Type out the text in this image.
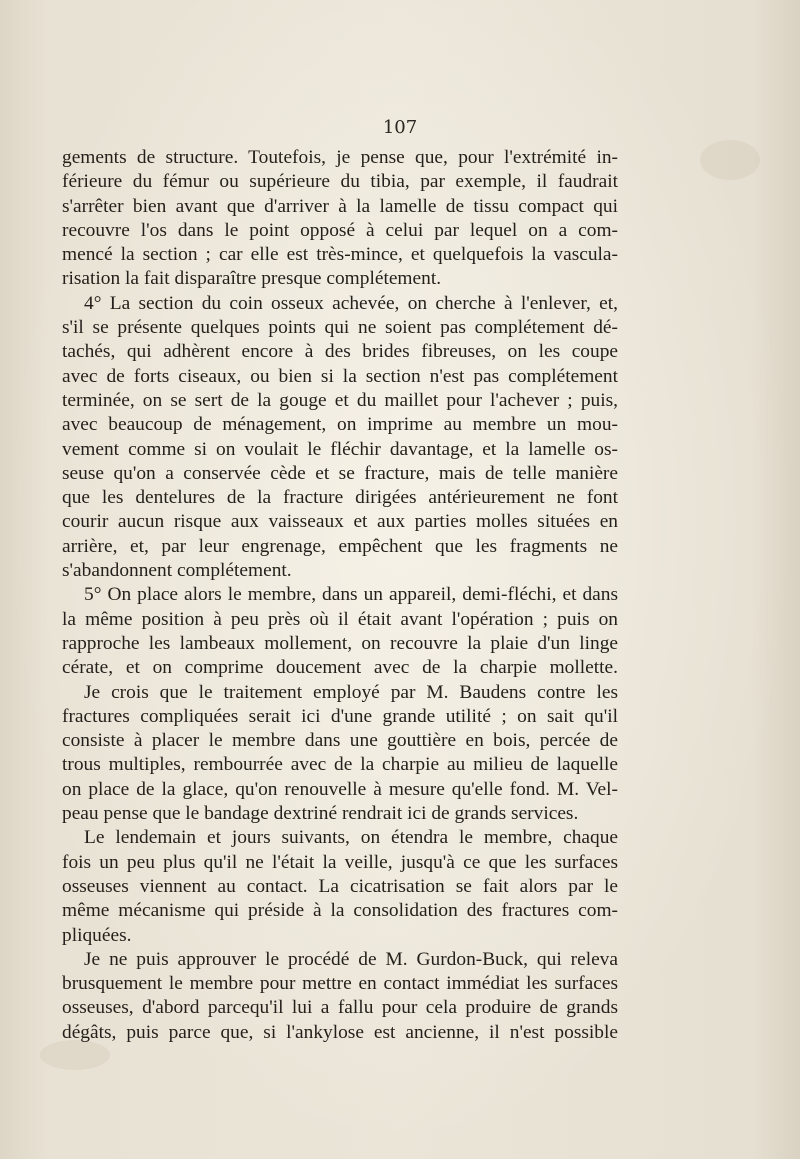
107
gements de structure. Toutefois, je pense que, pour l'extrémité in-
férieure du fémur ou supérieure du tibia, par exemple, il faudrait
s'arrêter bien avant que d'arriver à la lamelle de tissu compact qui
recouvre l'os dans le point opposé à celui par lequel on a com-
mencé la section ; car elle est très-mince, et quelquefois la vascula-
risation la fait disparaître presque complétement.
4° La section du coin osseux achevée, on cherche à l'enlever, et,
s'il se présente quelques points qui ne soient pas complétement dé-
tachés, qui adhèrent encore à des brides fibreuses, on les coupe
avec de forts ciseaux, ou bien si la section n'est pas complétement
terminée, on se sert de la gouge et du maillet pour l'achever ; puis,
avec beaucoup de ménagement, on imprime au membre un mou-
vement comme si on voulait le fléchir davantage, et la lamelle os-
seuse qu'on a conservée cède et se fracture, mais de telle manière
que les dentelures de la fracture dirigées antérieurement ne font
courir aucun risque aux vaisseaux et aux parties molles situées en
arrière, et, par leur engrenage, empêchent que les fragments ne
s'abandonnent complétement.
5° On place alors le membre, dans un appareil, demi-fléchi, et dans
la même position à peu près où il était avant l'opération ; puis on
rapproche les lambeaux mollement, on recouvre la plaie d'un linge
cérate, et on comprime doucement avec de la charpie mollette.
Je crois que le traitement employé par M. Baudens contre les
fractures compliquées serait ici d'une grande utilité ; on sait qu'il
consiste à placer le membre dans une gouttière en bois, percée de
trous multiples, rembourrée avec de la charpie au milieu de laquelle
on place de la glace, qu'on renouvelle à mesure qu'elle fond. M. Vel-
peau pense que le bandage dextriné rendrait ici de grands services.
Le lendemain et jours suivants, on étendra le membre, chaque
fois un peu plus qu'il ne l'était la veille, jusqu'à ce que les surfaces
osseuses viennent au contact. La cicatrisation se fait alors par le
même mécanisme qui préside à la consolidation des fractures com-
pliquées.
Je ne puis approuver le procédé de M. Gurdon-Buck, qui releva
brusquement le membre pour mettre en contact immédiat les surfaces
osseuses, d'abord parcequ'il lui a fallu pour cela produire de grands
dégâts, puis parce que, si l'ankylose est ancienne, il n'est possible
